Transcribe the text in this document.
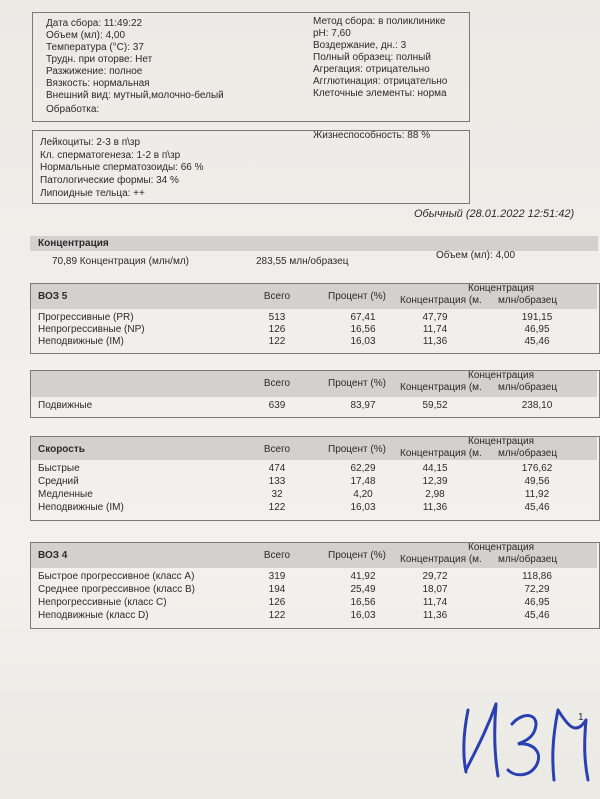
Дата сбора: 11:49:22
Объем (мл): 4,00
Температура (°C): 37
Трудн. при оторве: Нет
Разжижение: полное
Вязкость: нормальная
Внешний вид: мутный,молочно-белый
Обработка:
Метод сбора: в поликлинике
pH: 7,60
Воздержание, дн.: 3
Полный образец: полный
Агрегация: отрицательно
Агглютинация: отрицательно
Клеточные элементы: норма
Лейкоциты: 2-3 в п\зр
Кл. сперматогенеза: 1-2 в п\зр
Нормальные сперматозоиды: 66 %
Патологические формы: 34 %
Липоидные тельца: ++
Жизнеспособность: 88 %
Обычный (28.01.2022 12:51:42)
Концентрация
70,89 Концентрация (млн/мл)	283,55 млн/образец
Объем (мл): 4,00
ВОЗ 5	Всего	Процент (%)
Концентрация
Концентрация (м. млн/образец
Прогрессивные (PR)	513	67,41	47,79	191,15
Непрогрессивные (NP)	126	16,56	11,74	46,95
Неподвижные (IM)	122	16,03	11,36	45,46
Всего	Процент (%)
Концентрация
Концентрация (м. млн/образец
Подвижные	639	83,97	59,52	238,10
Скорость	Всего	Процент (%)
Концентрация
Концентрация (м. млн/образец
Быстрые	474	62,29	44,15	176,62
Средний	133	17,48	12,39	49,56
Медленные	32	4,20	2,98	11,92
Неподвижные (IM)	122	16,03	11,36	45,46
ВОЗ 4	Всего	Процент (%)
Концентрация
Концентрация (м. млн/образец
Быстрое прогрессивное (класс A)	319	41,92	29,72	118,86
Среднее прогрессивное (класс B)	194	25,49	18,07	72,29
Непрогрессивные (класс C)	126	16,56	11,74	46,95
Неподвижные (класс D)	122	16,03	11,36	45,46
1
